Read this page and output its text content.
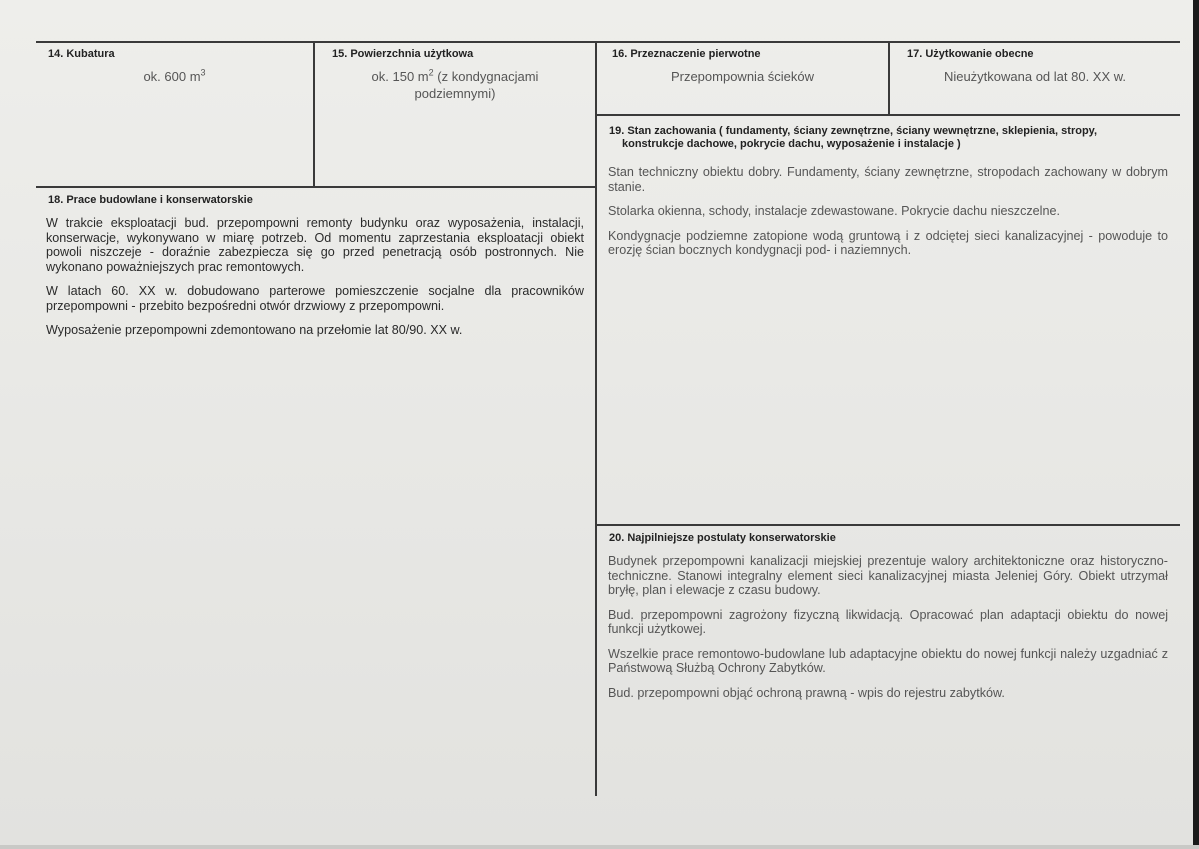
14. Kubatura
ok. 600 $m^3$
15. Powierzchnia użytkowa
ok. 150 $m^2$ (z kondygnacjami podziemnymi)
16. Przeznaczenie pierwotne
Przepompownia ścieków
17. Użytkowanie obecne
Nieużytkowana od lat 80. XX w.
18. Prace budowlane i konserwatorskie

W trakcie eksploatacji bud. przepompowni remonty budynku oraz wyposażenia, instalacji, konserwacje, wykonywano w miarę potrzeb. Od momentu zaprzestania eksploatacji obiekt powoli niszczeje - doraźnie zabezpiecza się go przed penetracją osób postronnych. Nie wykonano poważniejszych prac remontowych.

W latach 60. XX w. dobudowano parterowe pomieszczenie socjalne dla pracowników przepompowni - przebito bezpośredni otwór drzwiowy z przepompowni.

Wyposażenie przepompowni zdemontowano na przełomie lat 80/90. XX w.

19. Stan zachowania ( fundamenty, ściany zewnętrzne, ściany wewnętrzne, sklepienia, stropy,
konstrukcje dachowe, pokrycie dachu, wyposażenie i instalacje )

Stan techniczny obiektu dobry. Fundamenty, ściany zewnętrzne, stropodach zachowany w dobrym stanie.

Stolarka okienna, schody, instalacje zdewastowane. Pokrycie dachu nieszczelne.

Kondygnacje podziemne zatopione wodą gruntową i z odciętej sieci kanalizacyjnej - powoduje to erozję ścian bocznych kondygnacji pod- i naziemnych.

20. Najpilniejsze postulaty konserwatorskie

Budynek przepompowni kanalizacji miejskiej prezentuje walory architektoniczne oraz historyczno-techniczne. Stanowi integralny element sieci kanalizacyjnej miasta Jeleniej Góry. Obiekt utrzymał bryłę, plan i elewacje z czasu budowy.

Bud. przepompowni zagrożony fizyczną likwidacją. Opracować plan adaptacji obiektu do nowej funkcji użytkowej.

Wszelkie prace remontowo-budowlane lub adaptacyjne obiektu do nowej funkcji należy uzgadniać z Państwową Służbą Ochrony Zabytków.

Bud. przepompowni objąć ochroną prawną - wpis do rejestru zabytków.
